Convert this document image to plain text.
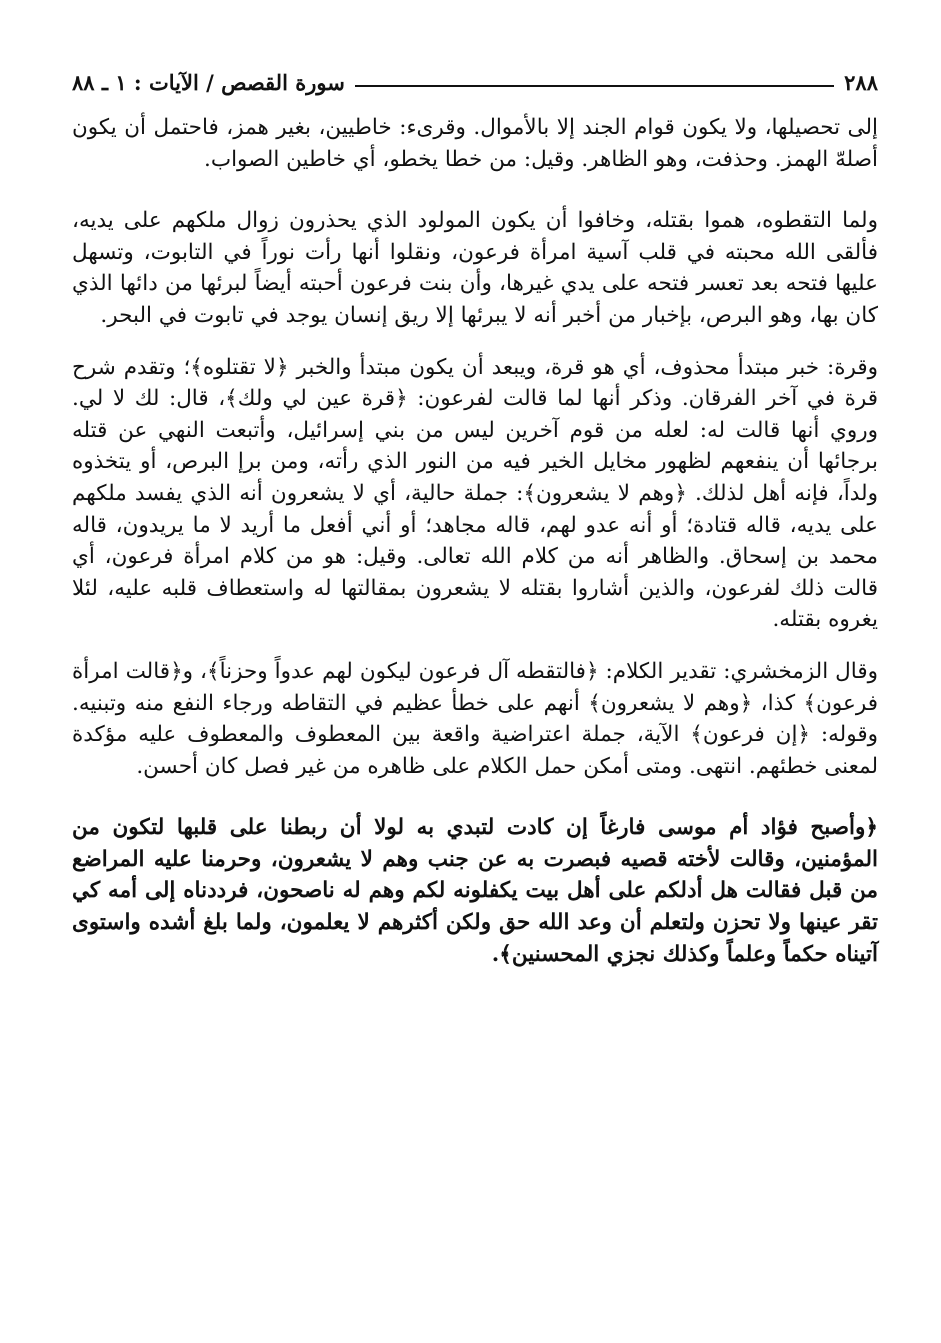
٢٨٨
سورة القصص / الآيات : ١ ـ ٨٨

إلى تحصيلها، ولا يكون قوام الجند إلا بالأموال. وقرىء: خاطيين، بغير همز، فاحتمل أن يكون أصلهّ الهمز. وحذفت، وهو الظاهر. وقيل: من خطا يخطو، أي خاطين الصواب.

ولما التقطوه، هموا بقتله، وخافوا أن يكون المولود الذي يحذرون زوال ملكهم على يديه، فألقى الله محبته في قلب آسية امرأة فرعون، ونقلوا أنها رأت نوراً في التابوت، وتسهل عليها فتحه بعد تعسر فتحه على يدي غيرها، وأن بنت فرعون أحبته أيضاً لبرئها من دائها الذي كان بها، وهو البرص، بإخبار من أخبر أنه لا يبرئها إلا ريق إنسان يوجد في تابوت في البحر.

وقرة: خبر مبتدأ محذوف، أي هو قرة، ويبعد أن يكون مبتدأ والخبر ﴿لا تقتلوه﴾؛ وتقدم شرح قرة في آخر الفرقان. وذكر أنها لما قالت لفرعون: ﴿قرة عين لي ولك﴾، قال: لك لا لي. وروي أنها قالت له: لعله من قوم آخرين ليس من بني إسرائيل، وأتبعت النهي عن قتله برجائها أن ينفعهم لظهور مخايل الخير فيه من النور الذي رأته، ومن برإ البرص، أو يتخذوه ولداً، فإنه أهل لذلك. ﴿وهم لا يشعرون﴾: جملة حالية، أي لا يشعرون أنه الذي يفسد ملكهم على يديه، قاله قتادة؛ أو أنه عدو لهم، قاله مجاهد؛ أو أني أفعل ما أريد لا ما يريدون، قاله محمد بن إسحاق. والظاهر أنه من كلام الله تعالى. وقيل: هو من كلام امرأة فرعون، أي قالت ذلك لفرعون، والذين أشاروا بقتله لا يشعرون بمقالتها له واستعطاف قلبه عليه، لئلا يغروه بقتله.

وقال الزمخشري: تقدير الكلام: ﴿فالتقطه آل فرعون ليكون لهم عدواً وحزناً﴾، و﴿قالت امرأة فرعون﴾ كذا، ﴿وهم لا يشعرون﴾ أنهم على خطأ عظيم في التقاطه ورجاء النفع منه وتبنيه. وقوله: ﴿إن فرعون﴾ الآية، جملة اعتراضية واقعة بين المعطوف والمعطوف عليه مؤكدة لمعنى خطئهم. انتهى. ومتى أمكن حمل الكلام على ظاهره من غير فصل كان أحسن.

﴿وأصبح فؤاد أم موسى فارغاً إن كادت لتبدي به لولا أن ربطنا على قلبها لتكون من المؤمنين، وقالت لأخته قصيه فبصرت به عن جنب وهم لا يشعرون، وحرمنا عليه المراضع من قبل فقالت هل أدلكم على أهل بيت يكفلونه لكم وهم له ناصحون، فرددناه إلى أمه كي تقر عينها ولا تحزن ولتعلم أن وعد الله حق ولكن أكثرهم لا يعلمون، ولما بلغ أشده واستوى آتيناه حكماً وعلماً وكذلك نجزي المحسنين﴾.
